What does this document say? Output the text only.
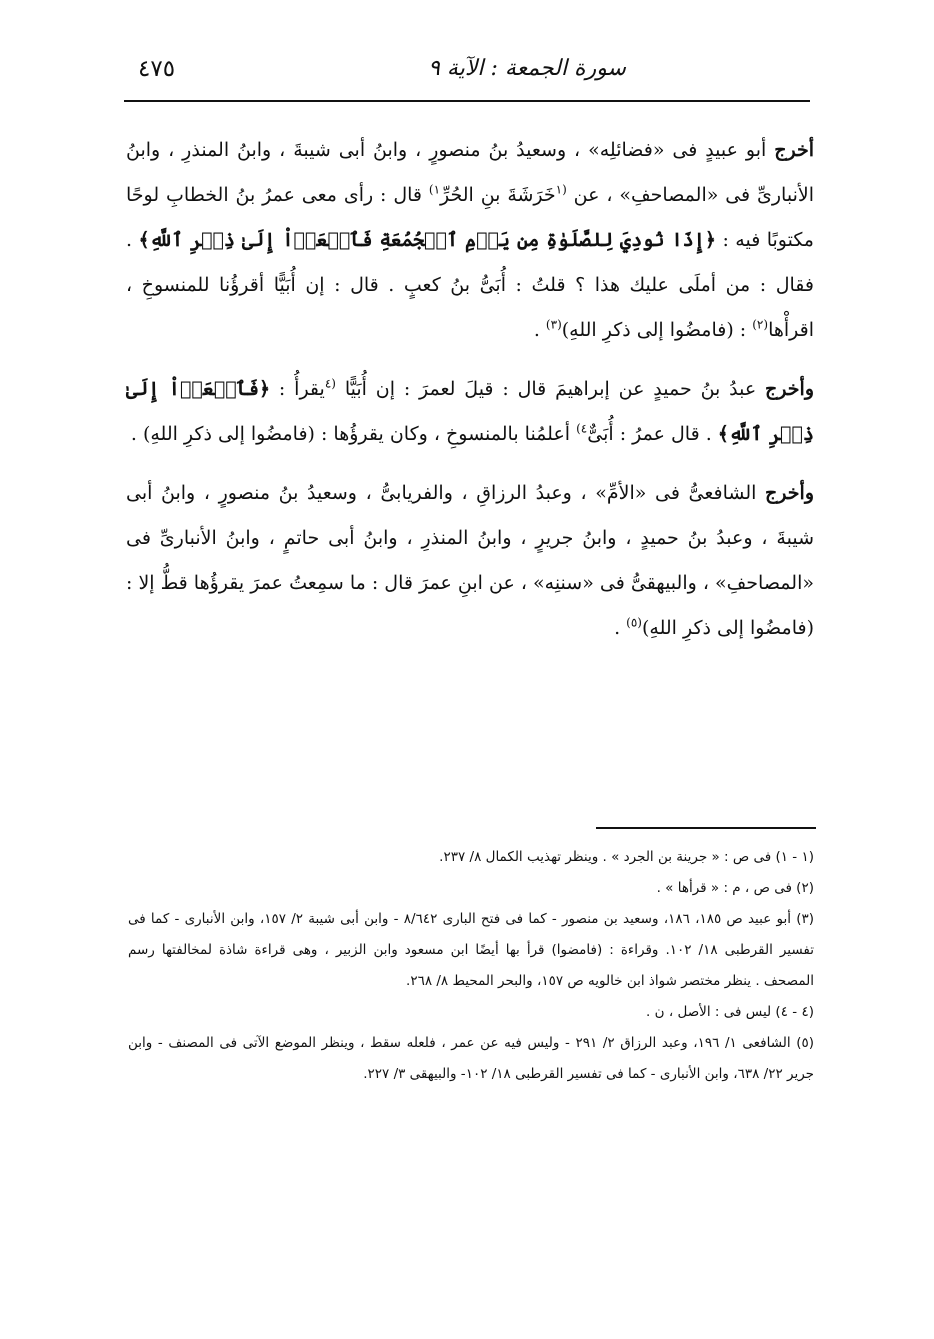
سورة الجمعة : الآية ٩
٤٧٥

أخرج أبو عبيدٍ فى «فضائلِه» ، وسعيدُ بنُ منصورٍ ، وابنُ أبى شيبةَ ، وابنُ المنذرِ ، وابنُ الأنبارىِّ فى «المصاحفِ» ، عن $^{(١}$خَرَشَةَ بنِ الحُرِّ$^{١)}$ قال : رأى معى عمرُ بنُ الخطابِ لوحًا مكتوبًا فيه : ﴿إِذَا نُودِيَ لِلصَّلَوٰةِ مِن يَوۡمِ ٱلۡجُمُعَةِ فَٱسۡعَوۡاْ إِلَىٰ ذِكۡرِ ٱللَّهِ﴾ . فقال : من أملَى عليك هذا ؟ قلتُ : أُبَىُّ بنُ كعبٍ . قال : إن أُبَيًّا أقرؤُنا للمنسوخِ ، اقرأْها$^{(٢)}$ : (فامضُوا إلى ذكرِ اللهِ)$^{(٣)}$ .

وأخرج عبدُ بنُ حميدٍ عن إبراهيمَ قال : قيلَ لعمرَ : إن أُبَيًّا $^{(٤}$يقرأُ : ﴿فَٱسۡعَوۡاْ إِلَىٰ ذِكۡرِ ٱللَّهِ﴾ . قال عمرُ : أُبَىٌّ$^{٤)}$ أعلمُنا بالمنسوخِ ، وكان يقرؤُها : (فامضُوا إلى ذكرِ اللهِ) .

وأخرج الشافعىُّ فى «الأمِّ» ، وعبدُ الرزاقِ ، والفريابىُّ ، وسعيدُ بنُ منصورٍ ، وابنُ أبى شيبةَ ، وعبدُ بنُ حميدٍ ، وابنُ جريرٍ ، وابنُ المنذرِ ، وابنُ أبى حاتمٍ ، وابنُ الأنبارىِّ فى «المصاحفِ» ، والبيهقىُّ فى «سننِه» ، عن ابنِ عمرَ قال : ما سمِعتُ عمرَ يقرؤُها قطُّ إلا : (فامضُوا إلى ذكرِ اللهِ)$^{(٥)}$ .

(١ - ١) فى ص : « جرينة بن الجرد » . وينظر تهذيب الكمال ٨/ ٢٣٧.

(٢) فى ص ، م : « قرأها » .

(٣) أبو عبيد ص ١٨٥، ١٨٦، وسعيد بن منصور - كما فى فتح البارى ٨/٦٤٢ - وابن أبى شيبة ٢/ ١٥٧، وابن الأنبارى - كما فى تفسير القرطبى ١٨/ ١٠٢. وقراءة : (فامضوا) قرأ بها أيضًا ابن مسعود وابن الزبير ، وهى قراءة شاذة لمخالفتها رسم المصحف . ينظر مختصر شواذ ابن خالويه ص ١٥٧، والبحر المحيط ٨/ ٢٦٨.

(٤ - ٤) ليس فى : الأصل ، ن .

(٥) الشافعى ١/ ١٩٦، وعبد الرزاق ٢/ ٢٩١ - وليس فيه عن عمر ، فلعله سقط ، وينظر الموضع الآتى فى المصنف - وابن جرير ٢٢/ ٦٣٨، وابن الأنبارى - كما فى تفسير القرطبى ١٨/ ١٠٢- والبيهقى ٣/ ٢٢٧.
